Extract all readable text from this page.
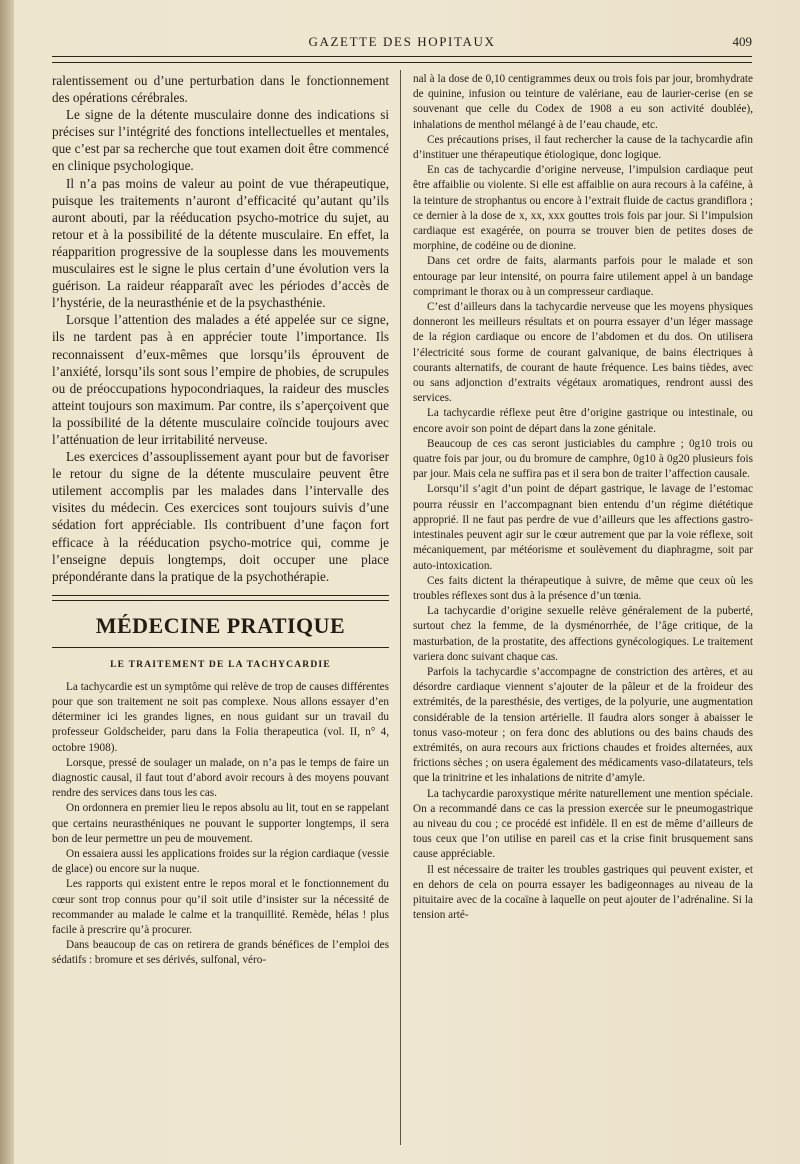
GAZETTE DES HOPITAUX	409

ralentissement ou d’une perturbation dans le fonctionnement des opérations cérébrales.

Le signe de la détente musculaire donne des indications si précises sur l’intégrité des fonctions intellectuelles et mentales, que c’est par sa recherche que tout examen doit être commencé en clinique psychologique.

Il n’a pas moins de valeur au point de vue thérapeutique, puisque les traitements n’auront d’efficacité qu’autant qu’ils auront abouti, par la rééducation psycho-motrice du sujet, au retour et à la possibilité de la détente musculaire. En effet, la réapparition progressive de la souplesse dans les mouvements musculaires est le signe le plus certain d’une évolution vers la guérison. La raideur réapparaît avec les périodes d’accès de l’hystérie, de la neurasthénie et de la psychasthénie.

Lorsque l’attention des malades a été appelée sur ce signe, ils ne tardent pas à en apprécier toute l’importance. Ils reconnaissent d’eux-mêmes que lorsqu’ils éprouvent de l’anxiété, lorsqu’ils sont sous l’empire de phobies, de scrupules ou de préoccupations hypocondriaques, la raideur des muscles atteint toujours son maximum. Par contre, ils s’aperçoivent que la possibilité de la détente musculaire coïncide toujours avec l’atténuation de leur irritabilité nerveuse.

Les exercices d’assouplissement ayant pour but de favoriser le retour du signe de la détente musculaire peuvent être utilement accomplis par les malades dans l’intervalle des visites du médecin. Ces exercices sont toujours suivis d’une sédation fort appréciable. Ils contribuent d’une façon fort efficace à la rééducation psycho-motrice qui, comme je l’enseigne depuis longtemps, doit occuper une place prépondérante dans la pratique de la psychothérapie.

MÉDECINE PRATIQUE
LE TRAITEMENT DE LA TACHYCARDIE

La tachycardie est un symptôme qui relève de trop de causes différentes pour que son traitement ne soit pas complexe. Nous allons essayer d’en déterminer ici les grandes lignes, en nous guidant sur un travail du professeur Goldscheider, paru dans la Folia therapeutica (vol. II, n° 4, octobre 1908).

Lorsque, pressé de soulager un malade, on n’a pas le temps de faire un diagnostic causal, il faut tout d’abord avoir recours à des moyens pouvant rendre des services dans tous les cas.

On ordonnera en premier lieu le repos absolu au lit, tout en se rappelant que certains neurasthéniques ne pouvant le supporter longtemps, il sera bon de leur permettre un peu de mouvement.

On essaiera aussi les applications froides sur la région cardiaque (vessie de glace) ou encore sur la nuque.

Les rapports qui existent entre le repos moral et le fonctionnement du cœur sont trop connus pour qu’il soit utile d’insister sur la nécessité de recommander au malade le calme et la tranquillité. Remède, hélas ! plus facile à prescrire qu’à procurer.

Dans beaucoup de cas on retirera de grands bénéfices de l’emploi des sédatifs : bromure et ses dérivés, sulfonal, véro-

nal à la dose de 0,10 centigrammes deux ou trois fois par jour, bromhydrate de quinine, infusion ou teinture de valériane, eau de laurier-cerise (en se souvenant que celle du Codex de 1908 a eu son activité doublée), inhalations de menthol mélangé à de l’eau chaude, etc.

Ces précautions prises, il faut rechercher la cause de la tachycardie afin d’instituer une thérapeutique étiologique, donc logique.

En cas de tachycardie d’origine nerveuse, l’impulsion cardiaque peut être affaiblie ou violente. Si elle est affaiblie on aura recours à la caféine, à la teinture de strophantus ou encore à l’extrait fluide de cactus grandiflora ; ce dernier à la dose de x, xx, xxx gouttes trois fois par jour. Si l’impulsion cardiaque est exagérée, on pourra se trouver bien de petites doses de morphine, de codéine ou de dionine.

Dans cet ordre de faits, alarmants parfois pour le malade et son entourage par leur intensité, on pourra faire utilement appel à un bandage comprimant le thorax ou à un compresseur cardiaque.

C’est d’ailleurs dans la tachycardie nerveuse que les moyens physiques donneront les meilleurs résultats et on pourra essayer d’un léger massage de la région cardiaque ou encore de l’abdomen et du dos. On utilisera l’électricité sous forme de courant galvanique, de bains électriques à courants alternatifs, de courant de haute fréquence. Les bains tièdes, avec ou sans adjonction d’extraits végétaux aromatiques, rendront aussi des services.

La tachycardie réflexe peut être d’origine gastrique ou intestinale, ou encore avoir son point de départ dans la zone génitale.

Beaucoup de ces cas seront justiciables du camphre ; 0g10 trois ou quatre fois par jour, ou du bromure de camphre, 0g10 à 0g20 plusieurs fois par jour. Mais cela ne suffira pas et il sera bon de traiter l’affection causale.

Lorsqu’il s’agit d’un point de départ gastrique, le lavage de l’estomac pourra réussir en l’accompagnant bien entendu d’un régime diététique approprié. Il ne faut pas perdre de vue d’ailleurs que les affections gastro-intestinales peuvent agir sur le cœur autrement que par la voie réflexe, soit mécaniquement, par météorisme et soulèvement du diaphragme, soit par auto-intoxication.

Ces faits dictent la thérapeutique à suivre, de même que ceux où les troubles réflexes sont dus à la présence d’un tœnia.

La tachycardie d’origine sexuelle relève généralement de la puberté, surtout chez la femme, de la dysménorrhée, de l’âge critique, de la masturbation, de la prostatite, des affections gynécologiques. Le traitement variera donc suivant chaque cas.

Parfois la tachycardie s’accompagne de constriction des artères, et au désordre cardiaque viennent s’ajouter de la pâleur et de la froideur des extrémités, de la paresthésie, des vertiges, de la polyurie, une augmentation considérable de la tension artérielle. Il faudra alors songer à abaisser le tonus vaso-moteur ; on fera donc des ablutions ou des bains chauds des extrémités, on aura recours aux frictions chaudes et froides alternées, aux frictions sèches ; on usera également des médicaments vaso-dilatateurs, tels que la trinitrine et les inhalations de nitrite d’amyle.

La tachycardie paroxystique mérite naturellement une mention spéciale. On a recommandé dans ce cas la pression exercée sur le pneumogastrique au niveau du cou ; ce procédé est infidèle. Il en est de même d’ailleurs de tous ceux que l’on utilise en pareil cas et la crise finit brusquement sans cause appréciable.

Il est nécessaire de traiter les troubles gastriques qui peuvent exister, et en dehors de cela on pourra essayer les badigeonnages au niveau de la pituitaire avec de la cocaïne à laquelle on peut ajouter de l’adrénaline. Si la tension arté-
